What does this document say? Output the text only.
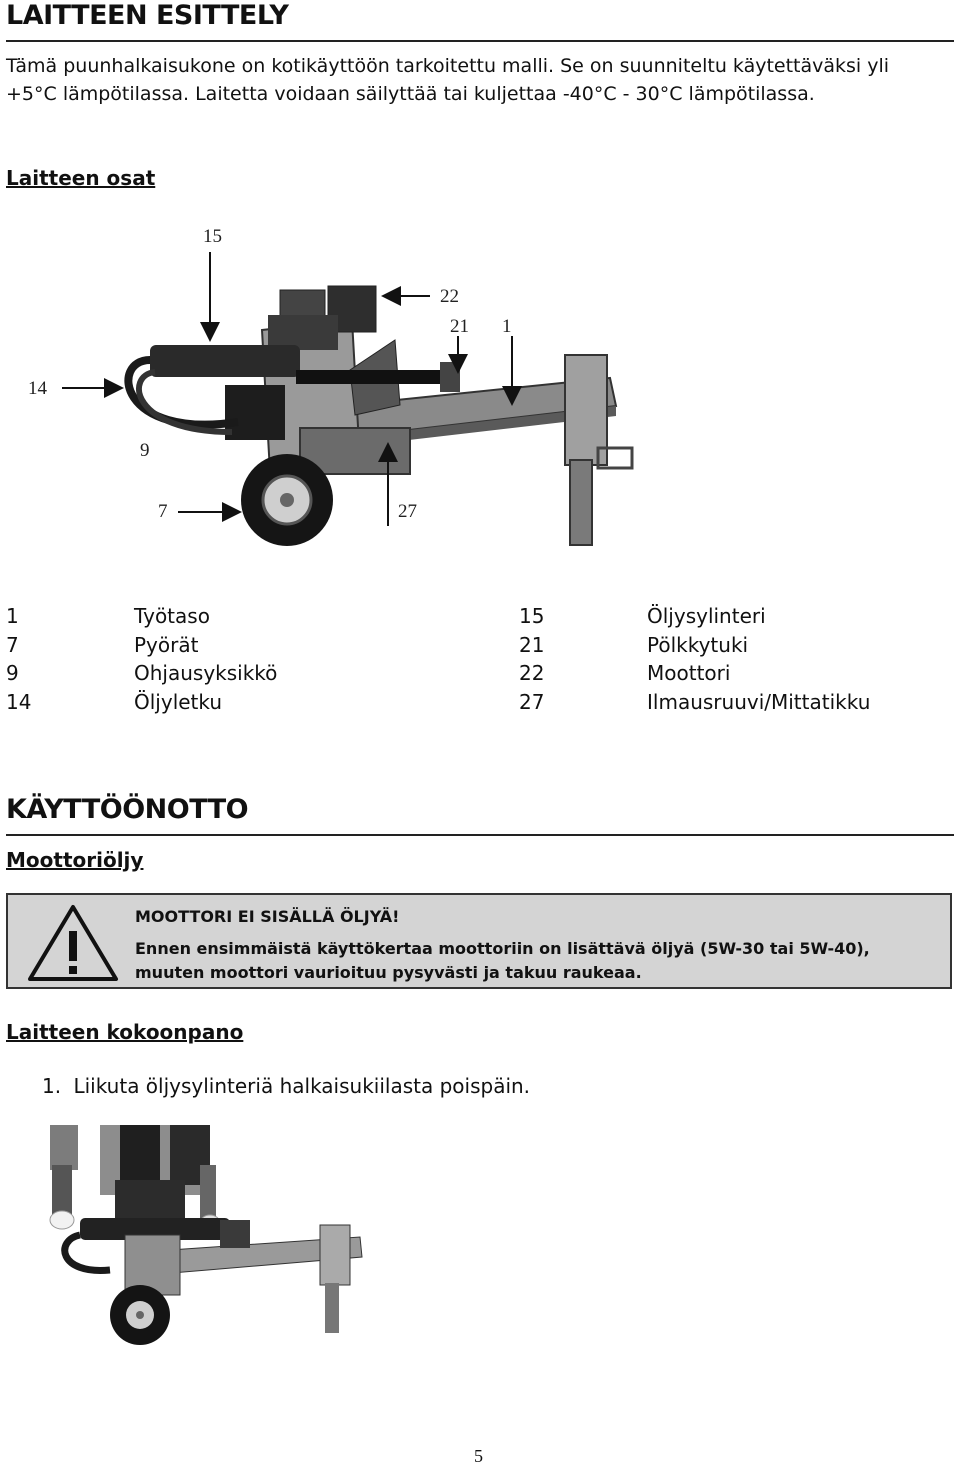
LAITTEEN ESITTELY
Tämä puunhalkaisukone on kotikäyttöön tarkoitettu malli. Se on suunniteltu käytettäväksi yli
+5°C lämpötilassa. Laitetta voidaan säilyttää tai kuljettaa -40°C - 30°C lämpötilassa.
Laitteen osat
15
22
21 1
14
9
7	27
1	Työtaso	15	Öljysylinteri
7	Pyörät	21	Pölkkytuki
9	Ohjausyksikkö	22	Moottori
14	Öljyletku	27	Ilmausruuvi/Mittatikku
KÄYTTÖÖNOTTO
Moottoriöljy
MOOTTORI EI SISÄLLÄ ÖLJYÄ!
Ennen ensimmäistä käyttökertaa moottoriin on lisättävä öljyä (5W-30 tai 5W-40),
muuten moottori vaurioituu pysyvästi ja takuu raukeaa.
Laitteen kokoonpano
1. Liikuta öljysylinteriä halkaisukiilasta poispäin.
5
